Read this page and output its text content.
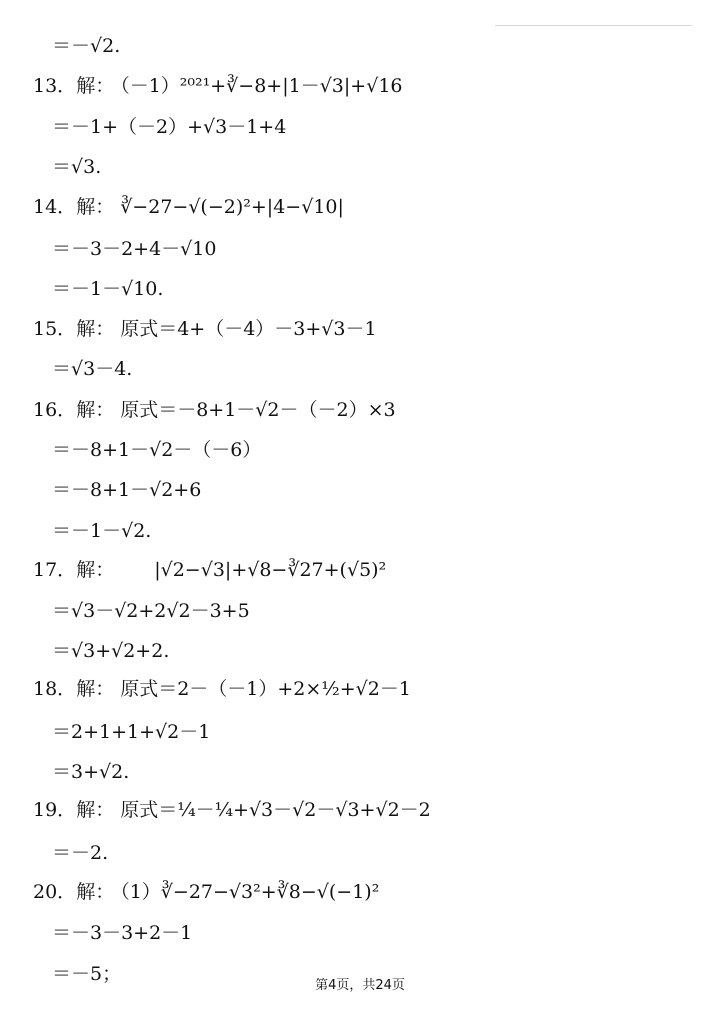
＝－√2.
13．解： （－1）²⁰²¹+∛−8+|1－√3|+√16
＝－1+（－2）+√3－1+4
＝√3.
14．解： ∛−27−√(−2)²+|4−√10|
＝－3－2+4－√10
＝－1－√10.
15．解： 原式＝4+（－4）－3+√3－1
＝√3－4.
16．解： 原式＝－8+1－√2－（－2）×3
＝－8+1－√2－（－6）
＝－8+1－√2+6
＝－1－√2.
17．解： |√2−√3|+√8−∛27+(√5)²
＝√3－√2+2√2－3+5
＝√3+√2+2.
18．解： 原式＝2－（－1）+2×½+√2－1
＝2+1+1+√2－1
＝3+√2.
19．解： 原式＝¼－¼+√3－√2－√3+√2－2
＝－2.
20．解： （1）∛−27−√3²+∛8−√(−1)²
＝－3－3+2－1
＝－5；
第4页，共24页
